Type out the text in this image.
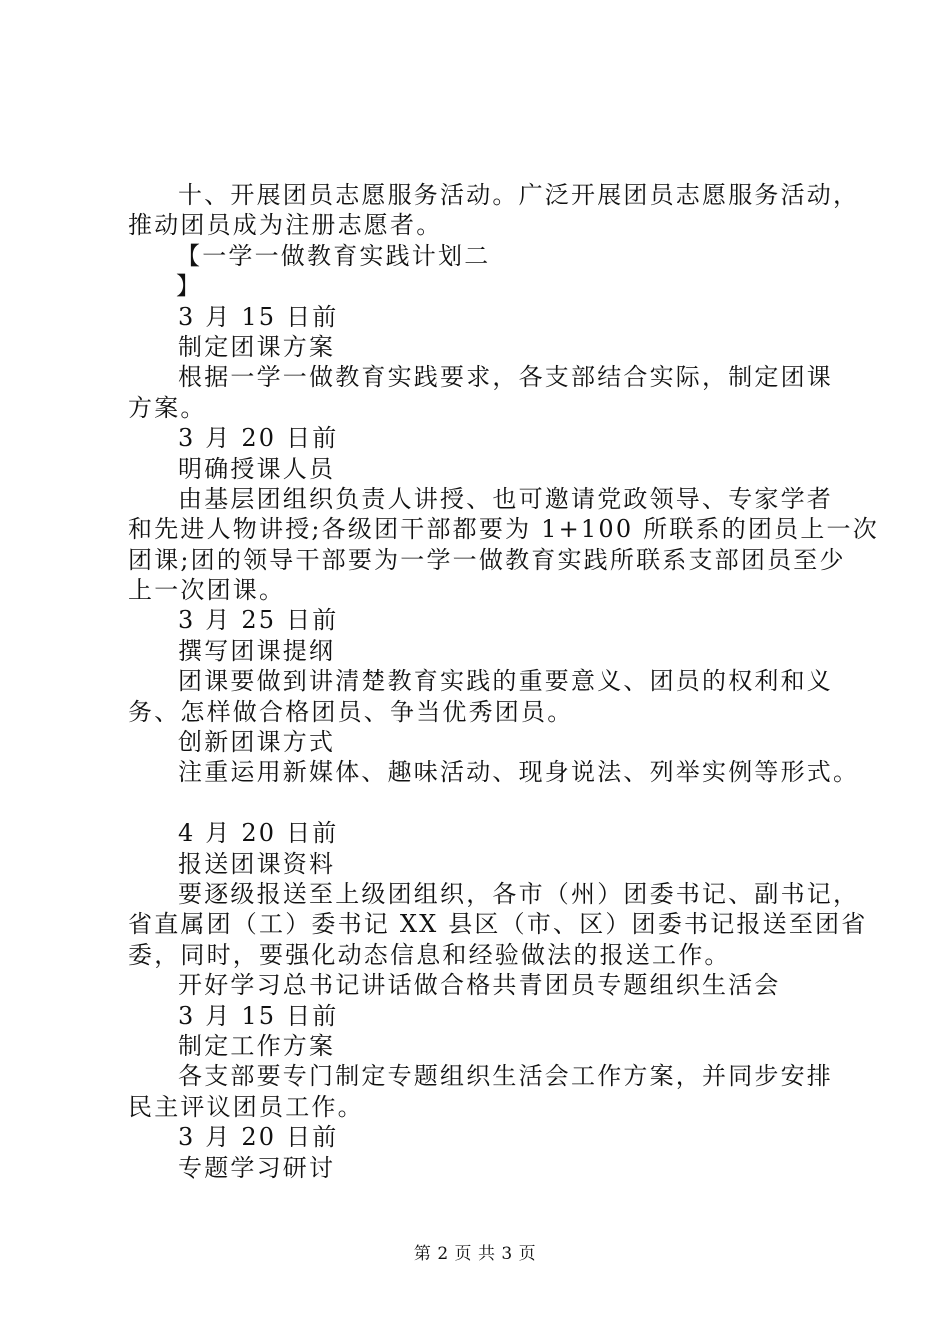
十、开展团员志愿服务活动。广泛开展团员志愿服务活动，
推动团员成为注册志愿者。
【一学一做教育实践计划二
】
3 月 15 日前
制定团课方案
根据一学一做教育实践要求，各支部结合实际，制定团课
方案。
3 月 20 日前
明确授课人员
由基层团组织负责人讲授、也可邀请党政领导、专家学者
和先进人物讲授;各级团干部都要为 1+100 所联系的团员上一次
团课;团的领导干部要为一学一做教育实践所联系支部团员至少
上一次团课。
3 月 25 日前
撰写团课提纲
团课要做到讲清楚教育实践的重要意义、团员的权利和义
务、怎样做合格团员、争当优秀团员。
创新团课方式
注重运用新媒体、趣味活动、现身说法、列举实例等形式。
4 月 20 日前
报送团课资料
要逐级报送至上级团组织，各市（州）团委书记、副书记，
省直属团（工）委书记 XX 县区（市、区）团委书记报送至团省
委，同时，要强化动态信息和经验做法的报送工作。
开好学习总书记讲话做合格共青团员专题组织生活会
3 月 15 日前
制定工作方案
各支部要专门制定专题组织生活会工作方案，并同步安排
民主评议团员工作。
3 月 20 日前
专题学习研讨
第 2 页 共 3 页
